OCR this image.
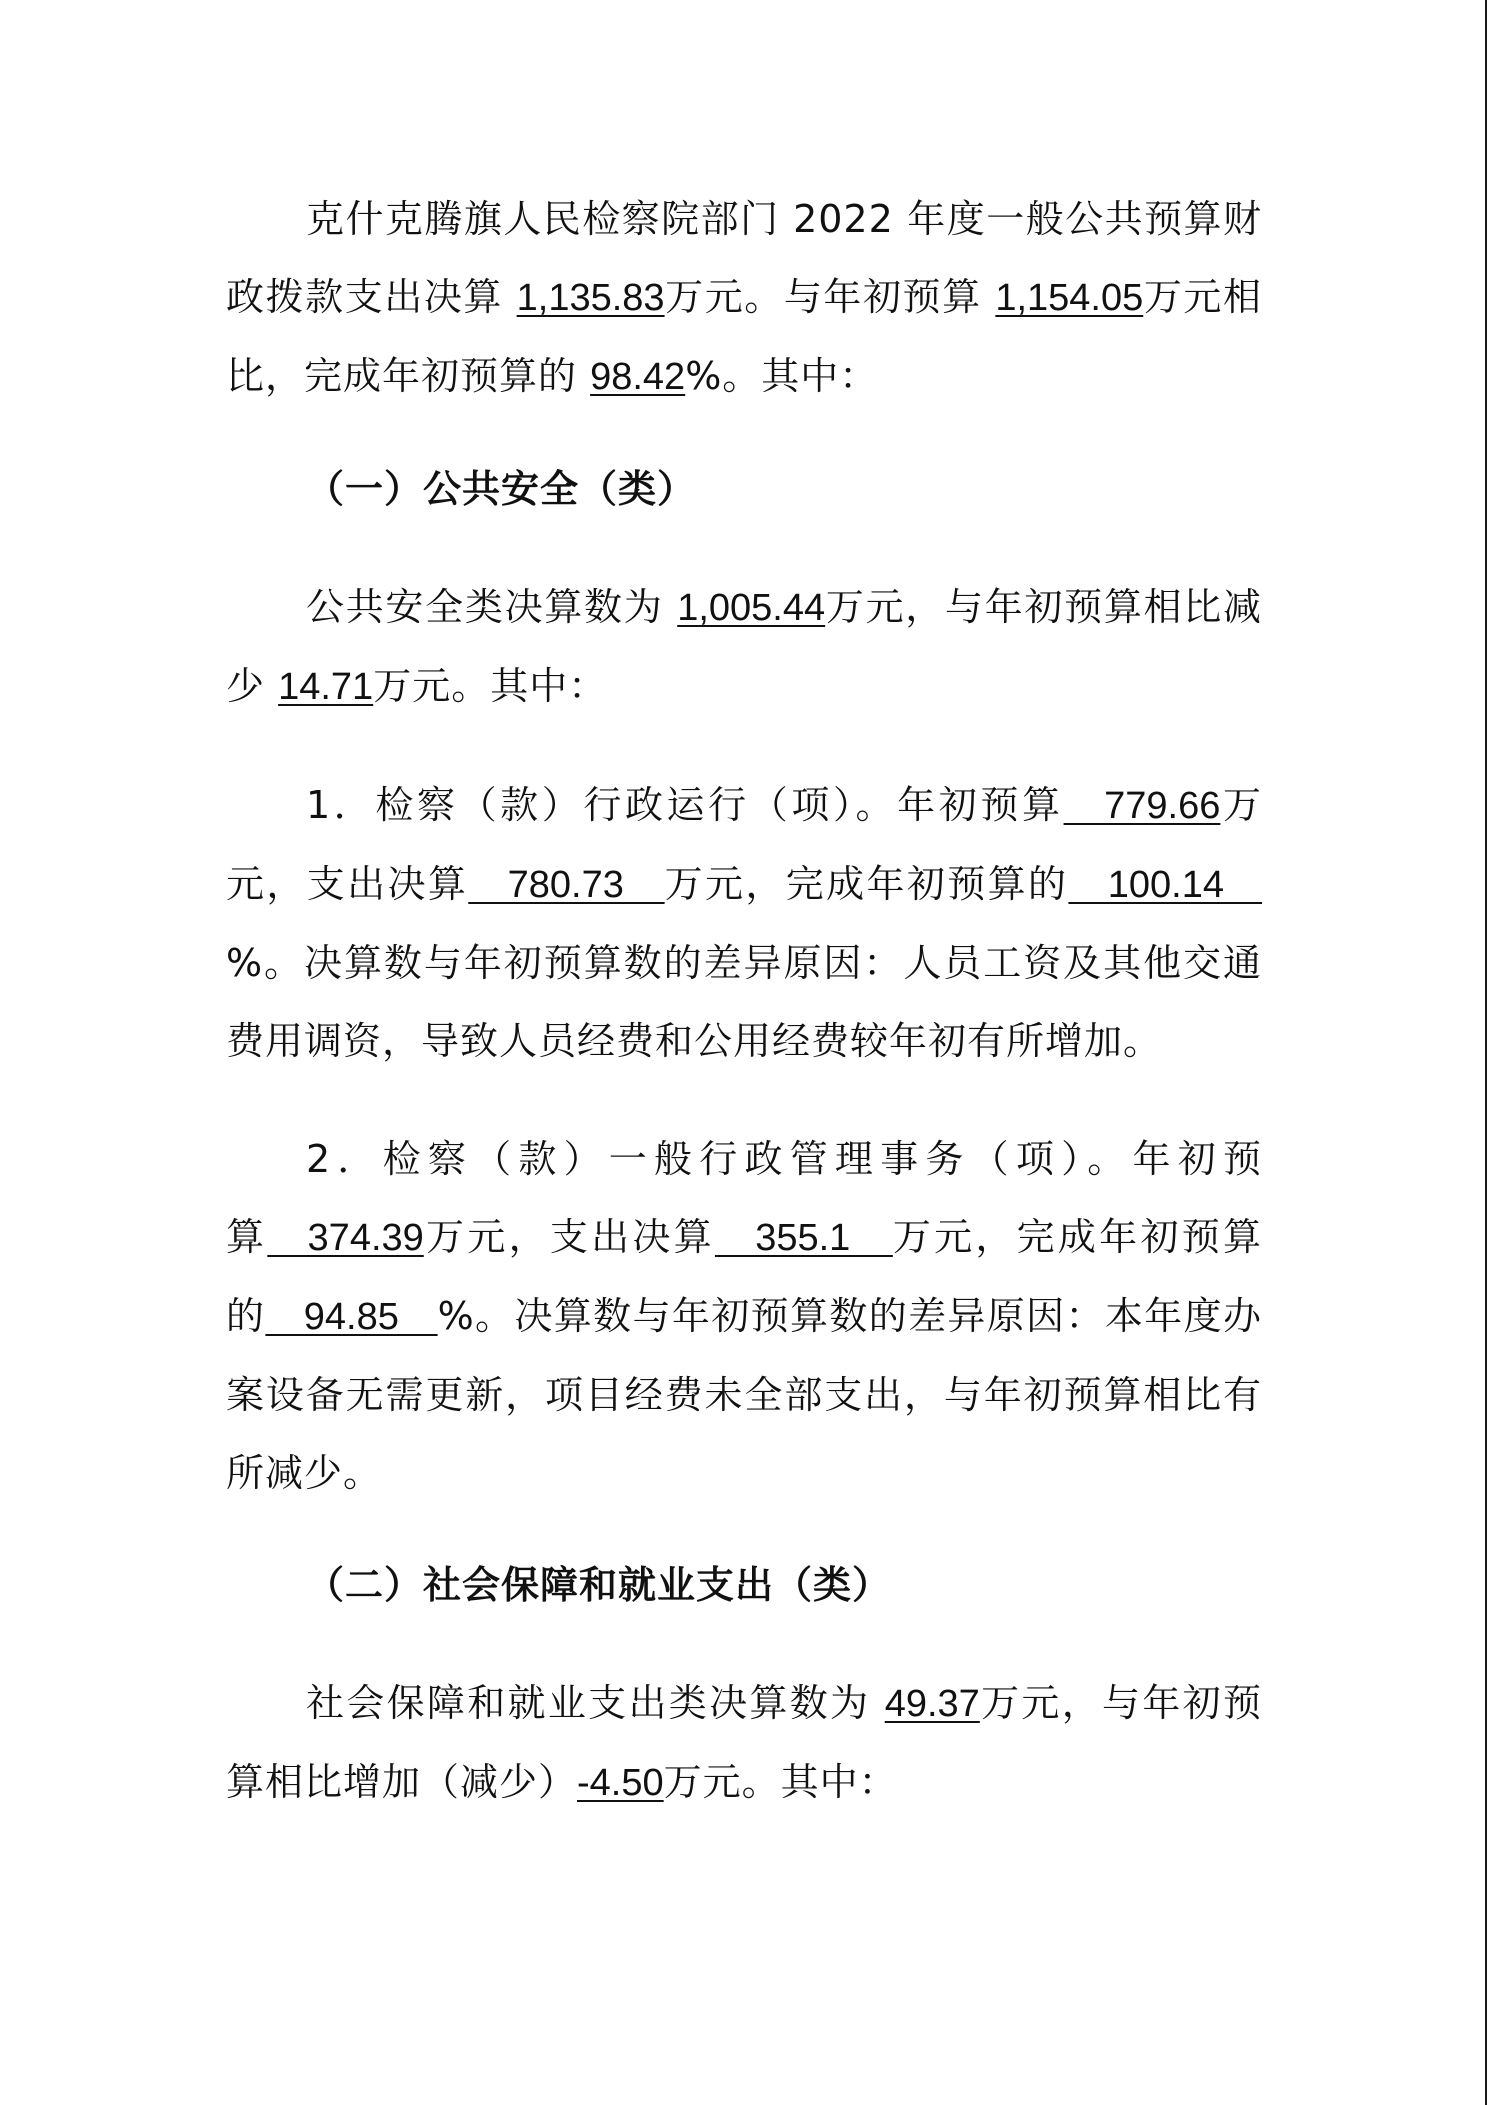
克什克腾旗人民检察院部门 2022 年度一般公共预算财政拨款支出决算 1,135.83万元。与年初预算 1,154.05万元相比，完成年初预算的 98.42%。其中：

（一）公共安全（类）

公共安全类决算数为 1,005.44万元，与年初预算相比减少 14.71万元。其中：

1．检察（款）行政运行（项）。年初预算　779.66万元，支出决算　780.73　万元，完成年初预算的　100.14　%。决算数与年初预算数的差异原因：人员工资及其他交通费用调资，导致人员经费和公用经费较年初有所增加。

2．检察（款）一般行政管理事务（项）。年初预算　374.39万元，支出决算　355.1　万元，完成年初预算的　94.85　%。决算数与年初预算数的差异原因：本年度办案设备无需更新，项目经费未全部支出，与年初预算相比有所减少。

（二）社会保障和就业支出（类）

社会保障和就业支出类决算数为 49.37万元，与年初预算相比增加（减少）-4.50万元。其中：
